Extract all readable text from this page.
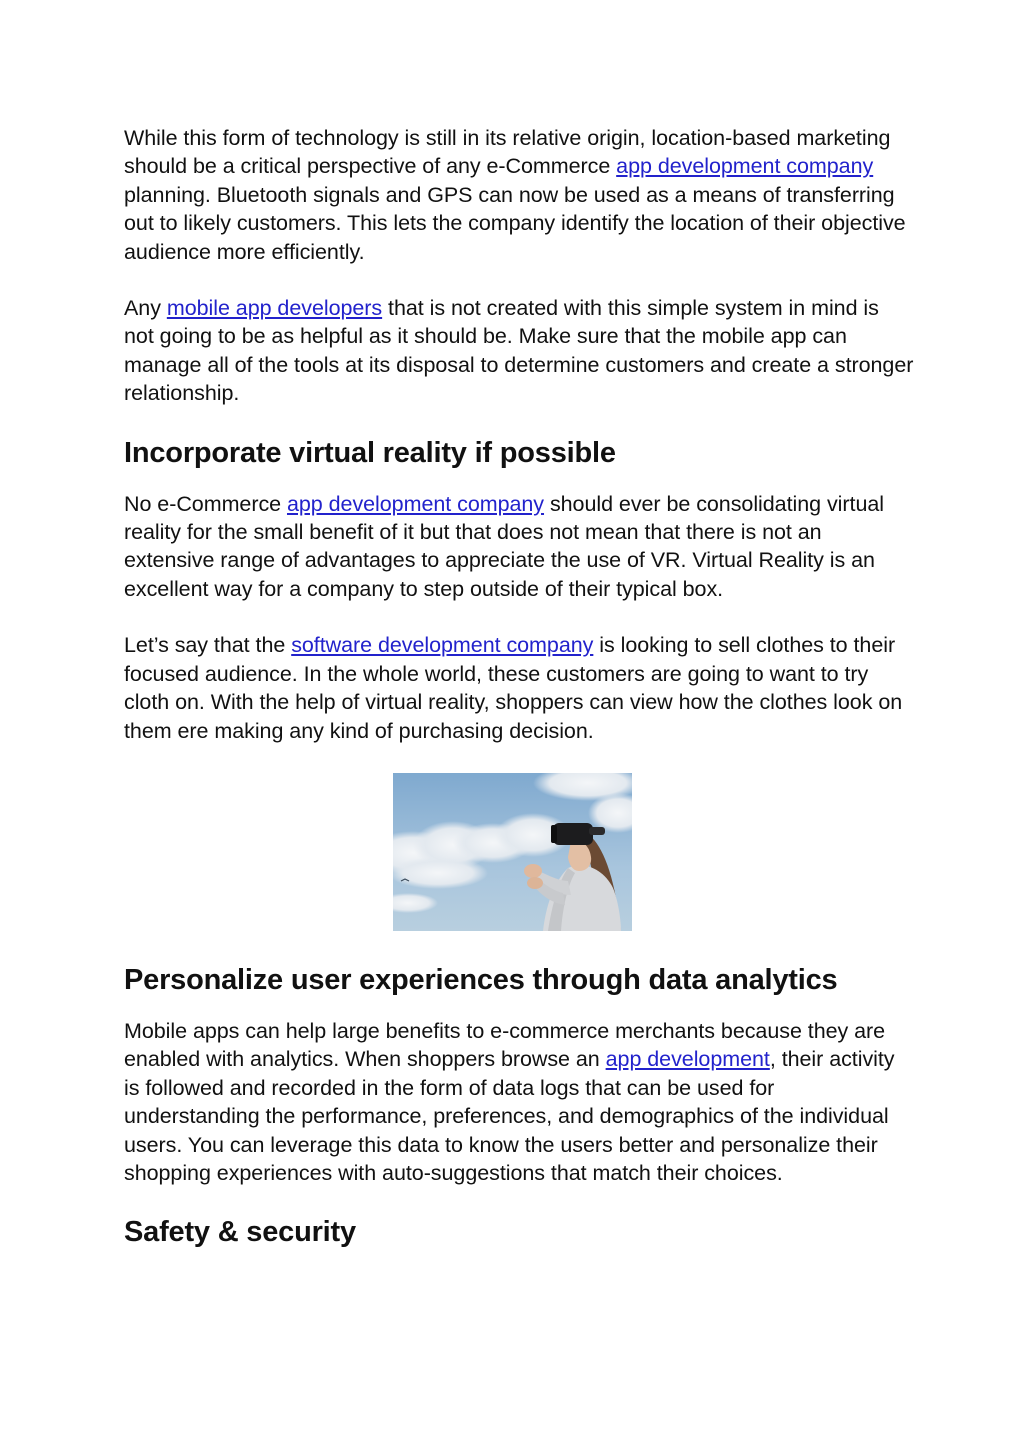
While this form of technology is still in its relative origin, location-based marketing should be a critical perspective of any e-Commerce app development company planning. Bluetooth signals and GPS can now be used as a means of transferring out to likely customers. This lets the company identify the location of their objective audience more efficiently.

Any mobile app developers that is not created with this simple system in mind is not going to be as helpful as it should be. Make sure that the mobile app can manage all of the tools at its disposal to determine customers and create a stronger relationship.

Incorporate virtual reality if possible

No e-Commerce app development company should ever be consolidating virtual reality for the small benefit of it but that does not mean that there is not an extensive range of advantages to appreciate the use of VR. Virtual Reality is an excellent way for a company to step outside of their typical box.

Let’s say that the software development company is looking to sell clothes to their focused audience. In the whole world, these customers are going to want to try cloth on. With the help of virtual reality, shoppers can view how the clothes look on them ere making any kind of purchasing decision.

Personalize user experiences through data analytics

Mobile apps can help large benefits to e-commerce merchants because they are enabled with analytics. When shoppers browse an app development, their activity is followed and recorded in the form of data logs that can be used for understanding the performance, preferences, and demographics of the individual users. You can leverage this data to know the users better and personalize their shopping experiences with auto-suggestions that match their choices.

Safety & security
